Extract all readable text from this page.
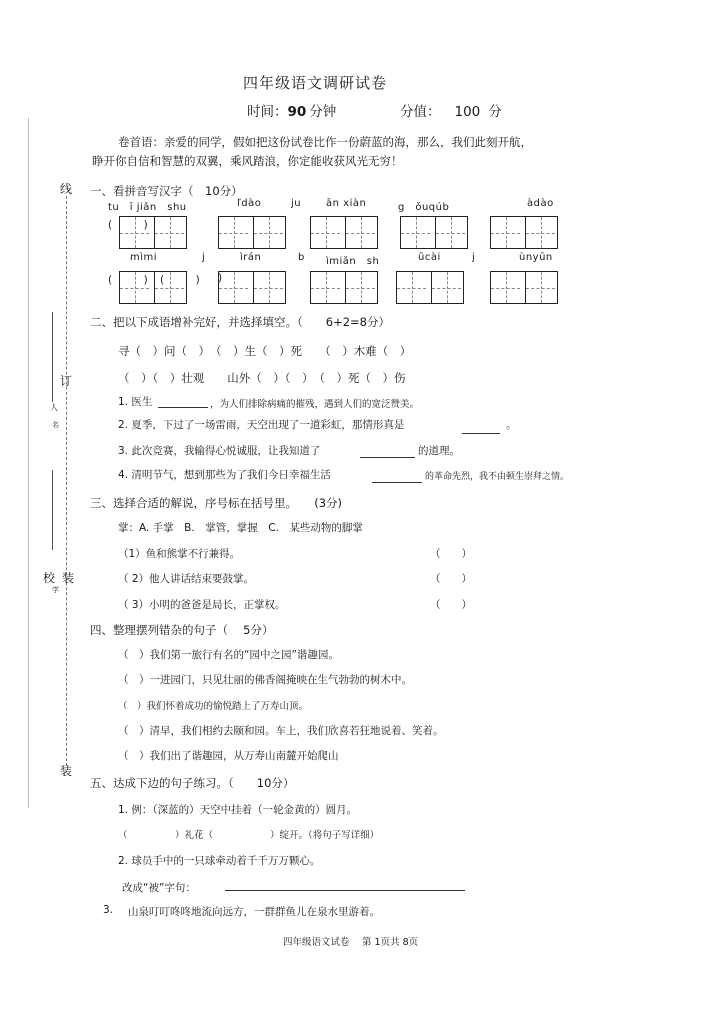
四年级语文调研试卷
时间：90 分钟	分值： 100 分
卷首语：亲爱的同学，假如把这份试卷比作一份蔚蓝的海，那么，我们此刻开航，
睁开你自信和智慧的双翼，乘风踏浪，你定能收获风光无穷！
线
订
人
名
校 装
学
装
一、看拼音写汉字（　10分）
tu　ī jiǎn　shu	ľdào	ju ān xiàn	g　ǒuqúb	àdào
(　　　)
mìmi	j	ìrán	b ìmiǎn　sh	ūcài	j	ùnyūn
(　　　) (　　　) )
二、把以下成语增补完好，并选择填空。（　　6+2=8分）
寻（　）问（　）　（　）生（　）死　　（　）木难（　）
（　）（　）壮观　　山外（　）（　）　（　）死（　）伤
1. 医生	，为人们排除病痛的摧残，遇到人们的宽泛赞美。
2. 夏季，下过了一场雷雨，天空出现了一道彩虹，那情形真是	。
3. 此次竞赛，我输得心悦诚服，让我知道了	的道理。
4. 清明节气，想到那些为了我们今日幸福生活	的革命先烈，我不由顿生崇拜之情。
三、选择合适的解说，序号标在括号里。　　(3分)
掌：A. 手掌　B.　掌管，掌握　C.　某些动物的脚掌
（1）鱼和熊掌不行兼得。	（　　）
（ 2）他人讲话结束要鼓掌。	（　　）
（ 3）小明的爸爸是局长，正掌权。	（　　）
四、整理摆列错杂的句子（　 5分）
（　）我们第一旅行有名的“园中之园”谐趣园。
（　）一进园门，只见壮丽的佛香阁掩映在生气勃勃的树木中。
（　）我们怀着成功的愉悦踏上了万寿山顶。
（　）清早，我们相约去颐和园。车上，我们欣喜若狂地说着、笑着。
（　）我们出了谐趣园，从万寿山南麓开始爬山
五、达成下边的句子练习。（　　10分）
1. 例：（深蓝的）天空中挂着（一轮金黄的）圆月。
（　　　　　）礼花（　　　　　　）绽开。（将句子写详细）
2. 球员手中的一只球牵动着千千万万颗心。
改成“被”字句：
3. 山泉叮叮咚咚地流向远方，一群群鱼儿在泉水里游着。
四年级语文试卷　 第 1页共 8页
